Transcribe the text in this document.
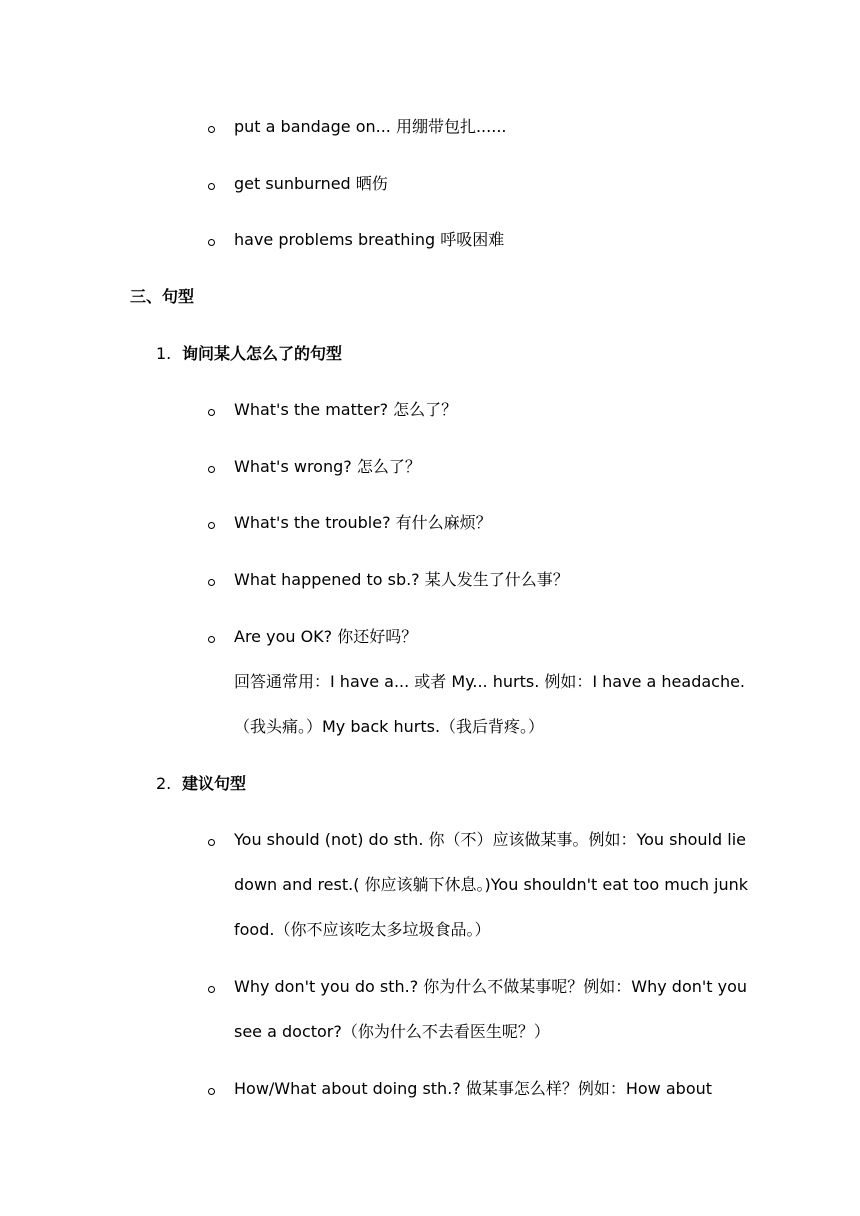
put a bandage on... 用绷带包扎......
get sunburned 晒伤
have problems breathing 呼吸困难
三、句型
1. 询问某人怎么了的句型
What's the matter? 怎么了？
What's wrong? 怎么了？
What's the trouble? 有什么麻烦？
What happened to sb.? 某人发生了什么事？
Are you OK? 你还好吗？
回答通常用：I have a... 或者 My... hurts. 例如：I have a headache.
（我头痛。）My back hurts.（我后背疼。）
2. 建议句型
You should (not) do sth. 你（不）应该做某事。例如：You should lie
down and rest.( 你应该躺下休息。)You shouldn't eat too much junk
food.（你不应该吃太多垃圾食品。）
Why don't you do sth.? 你为什么不做某事呢？例如：Why don't you
see a doctor?（你为什么不去看医生呢？）
How/What about doing sth.? 做某事怎么样？例如：How about
